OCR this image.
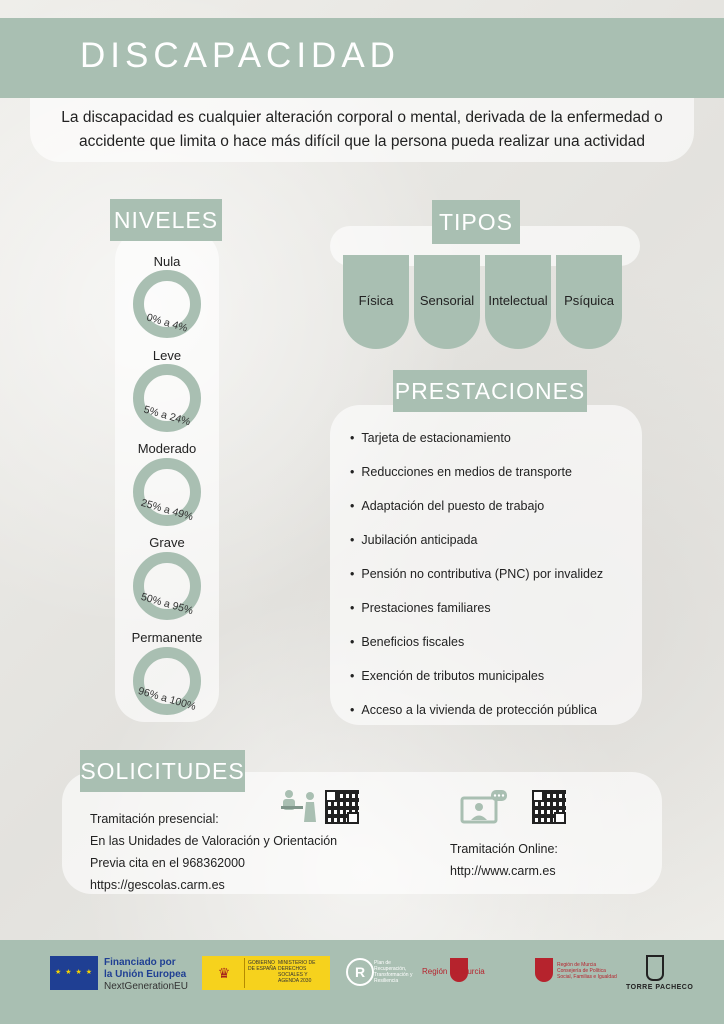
DISCAPACIDAD
La discapacidad es cualquier alteración corporal o mental, derivada de la enfermedad o accidente que limita o hace más difícil que la persona pueda realizar una actividad
NIVELES
Nula
0% a 4%
Leve
5% a 24%
Moderado
25% a 49%
Grave
50% a 95%
Permanente
96% a 100%
TIPOS
Física	Sensorial	Intelectual	Psíquica
PRESTACIONES
• Tarjeta de estacionamiento
• Reducciones en medios de transporte
• Adaptación del puesto de trabajo
• Jubilación anticipada
• Pensión no contributiva (PNC) por invalidez
• Prestaciones familiares
• Beneficios fiscales
• Exención de tributos municipales
• Acceso a la vivienda de protección pública
SOLICITUDES
Tramitación presencial:
En las Unidades de Valoración y Orientación
Previa cita en el 968362000
https://gescolas.carm.es
Tramitación Online:
http://www.carm.es
★ ★ ★ ★
Financiado por
la Unión Europea
NextGenerationEU
♛
GOBIERNO DE ESPAÑA
MINISTERIO DE DERECHOS SOCIALES Y AGENDA 2030
R
Plan de Recuperación, Transformación y Resiliencia
Región de Murcia
Región de Murcia Consejería de Política Social, Familias e Igualdad
TORRE PACHECO
